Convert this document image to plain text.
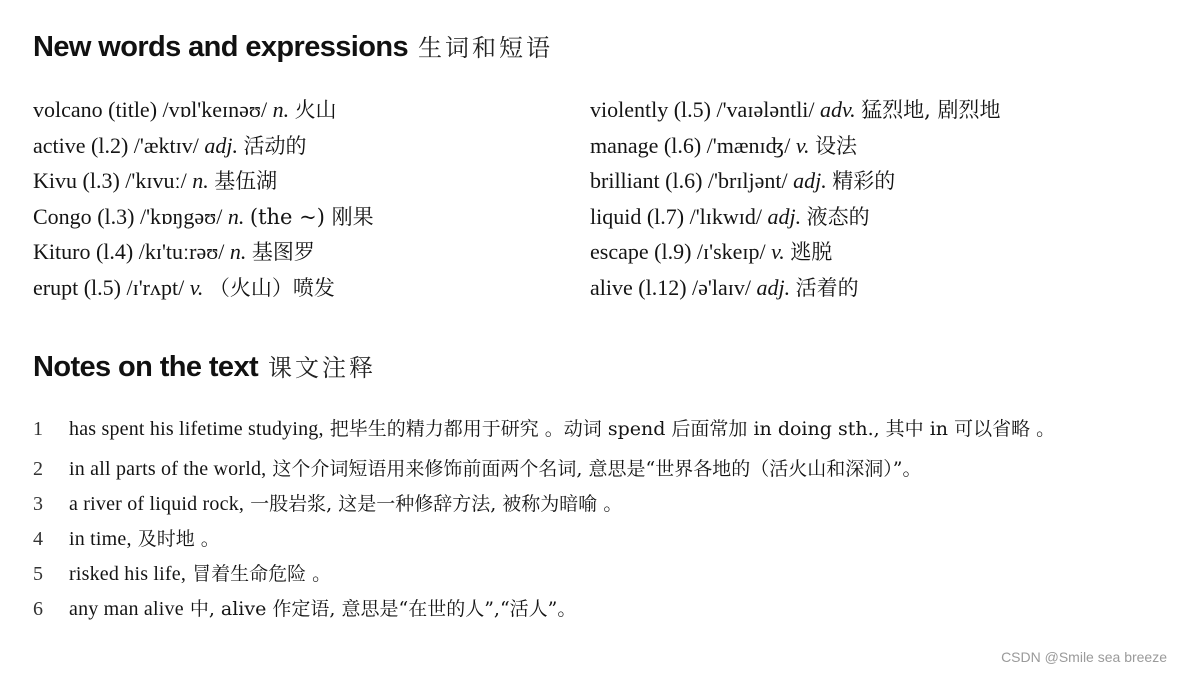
New words and expressions 生词和短语
volcano (title) /vɒl'keɪnəʊ/ n. 火山
active (l.2) /'æktɪv/ adj. 活动的
Kivu (l.3) /'kɪvuː/ n. 基伍湖
Congo (l.3) /'kɒŋgəʊ/ n. (the ~) 刚果
Kituro (l.4) /kɪ'tuːrəʊ/ n. 基图罗
erupt (l.5) /ɪ'rʌpt/ v. （火山）喷发
violently (l.5) /'vaɪələntli/ adv. 猛烈地, 剧烈地
manage (l.6) /'mænɪʤ/ v. 设法
brilliant (l.6) /'brɪljənt/ adj. 精彩的
liquid (l.7) /'lɪkwɪd/ adj. 液态的
escape (l.9) /ɪ'skeɪp/ v. 逃脱
alive (l.12) /ə'laɪv/ adj. 活着的
Notes on the text 课文注释
1 has spent his lifetime studying, 把毕生的精力都用于研究 。动词 spend 后面常加 in doing sth., 其中 in 可以省略 。
2 in all parts of the world, 这个介词短语用来修饰前面两个名词, 意思是“世界各地的（活火山和深洞）”。
3 a river of liquid rock, 一股岩浆, 这是一种修辞方法, 被称为暗喻 。
4 in time, 及时地 。
5 risked his life, 冒着生命危险 。
6 any man alive 中, alive 作定语, 意思是“在世的人”,“活人”。
CSDN @Smile sea breeze
